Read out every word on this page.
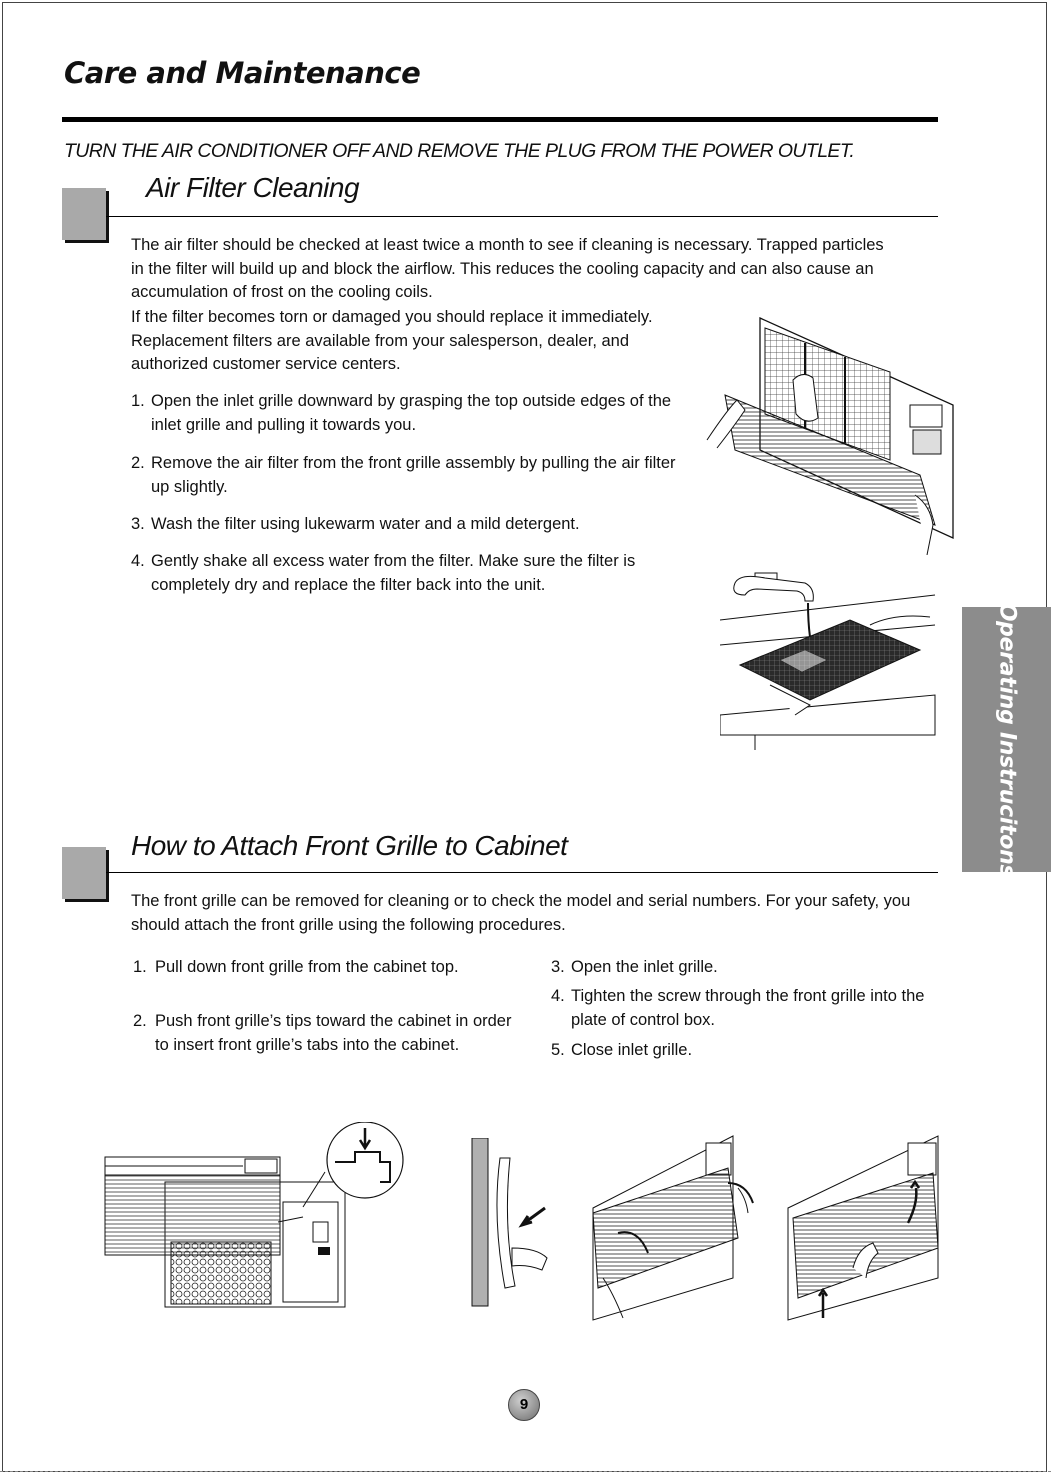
Care and Maintenance

TURN THE AIR CONDITIONER OFF AND REMOVE THE PLUG FROM THE POWER OUTLET.

Air Filter Cleaning

The air filter should be checked at least twice a month to see if cleaning is necessary. Trapped particles in the filter will build up and block the airflow. This reduces the cooling capacity and can also cause an accumulation of frost on the cooling coils.

If the filter becomes torn or damaged you should replace it immediately. Replacement filters are available from your salesperson, dealer, and authorized customer service centers.

1. Open the inlet grille downward by grasping the top outside edges of the inlet grille and pulling it towards you.
2. Remove the air filter from the front grille assembly by pulling the air filter up slightly.
3. Wash the filter using lukewarm water and a mild detergent.
4. Gently shake all excess water from the filter. Make sure the filter is completely dry and replace the filter back into the unit.
Operating Instrucitons
How to Attach Front Grille to Cabinet

The front grille can be removed for cleaning or to check the model and serial numbers. For your safety, you should attach the front grille using the following procedures.

1. Pull down front grille from the cabinet top.
2. Push front grille’s tips toward the cabinet in order to insert front grille’s tabs into the cabinet.
3. Open the inlet grille.
4. Tighten the screw through the front grille into the plate of control box.
5. Close inlet grille.
9
